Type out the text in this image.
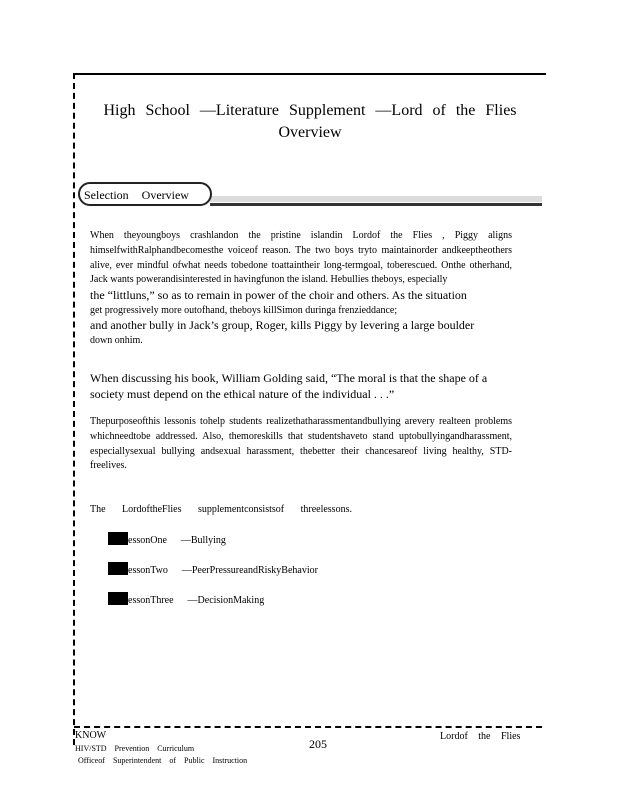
High School —Literature Supplement —Lord of the Flies
Overview
Selection Overview
When theyoungboys crashlandon the pristine islandin Lordof the Flies , Piggy aligns himselfwithRalphandbecomesthe voiceof reason. The two boys tryto maintainorder andkeeptheothers alive, ever mindful ofwhat needs tobedone toattaintheir long-termgoal, toberescued. Onthe otherhand, Jack wants powerandisinterested in havingfunon the island. Hebullies theboys, especially
the “littluns,” so as to remain in power of the choir and others. As the situation
get progressively more outofhand, theboys killSimon duringa frenzieddance;
and another bully in Jack’s group, Roger, kills Piggy by levering a large boulder
down onhim.
When discussing his book, William Golding said, “The moral is that the shape of a society must depend on the ethical nature of the individual . . .”
Thepurposeofthis lessonis tohelp students realizethatharassmentandbullying arevery realteen problems whichneedtobe addressed. Also, themoreskills that studentshaveto stand uptobullyingandharassment, especiallysexual bullying andsexual harassment, thebetter their chancesareof living healthy, STD-freelives.
The LordoftheFlies supplementconsistsof threelessons.
essonOne —Bullying
essonTwo —PeerPressureandRiskyBehavior
essonThree —DecisionMaking
KNOW
HIV/STD Prevention Curriculum
Officeof Superintendent of Public Instruction
205
Lordof the Flies
